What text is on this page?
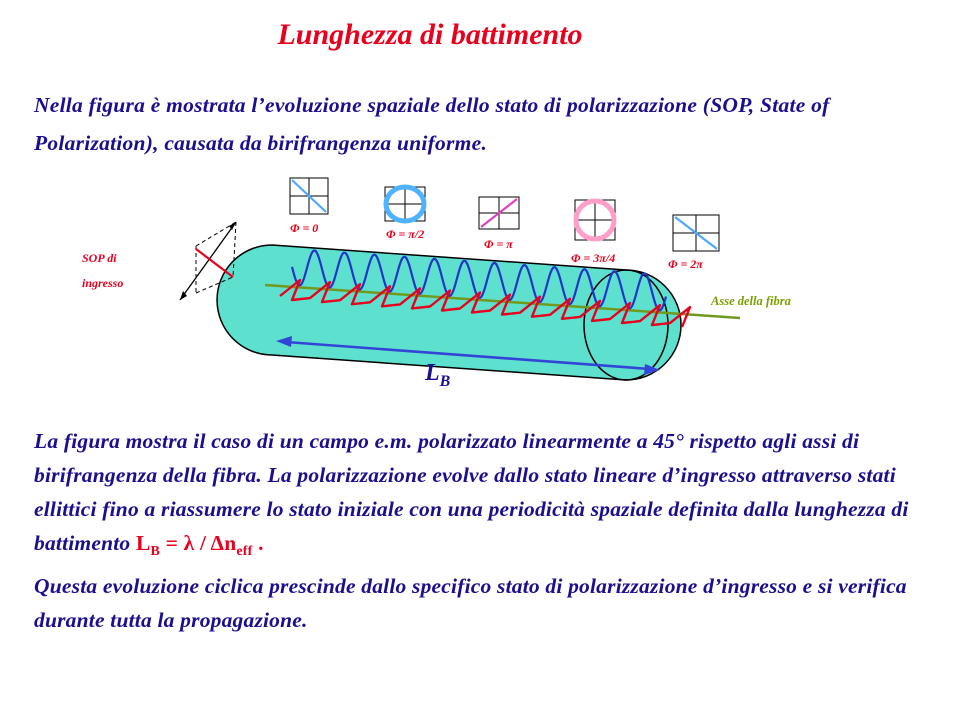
Lunghezza di battimento

Nella figura è mostrata l’evoluzione spaziale dello stato di polarizzazione (SOP, State of Polarization), causata da birifrangenza uniforme.

Asse della fibra
SOP di ingresso
$L_B$
Φ = 0	Φ = π/2
Φ = π
Φ = 3π/4	Φ = 2π

La figura mostra il caso di un campo e.m. polarizzato linearmente a 45° rispetto agli assi di birifrangenza della fibra. La polarizzazione evolve dallo stato lineare d’ingresso attraverso stati ellittici fino a riassumere lo stato iniziale con una periodicità spaziale definita dalla lunghezza di battimento $L_B = \lambda / \Delta n_{eff}$ .
Questa evoluzione ciclica prescinde dallo specifico stato di polarizzazione d’ingresso e si verifica durante tutta la propagazione.
